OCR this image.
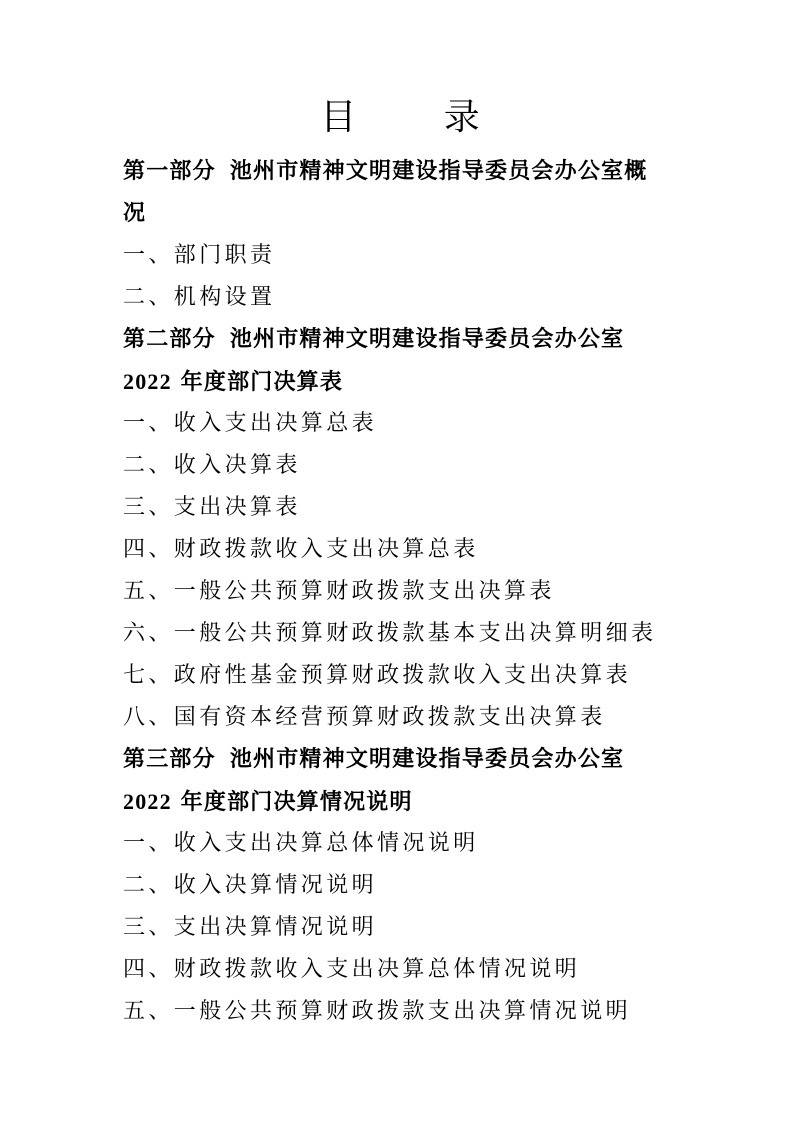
目 录
第一部分 池州市精神文明建设指导委员会办公室概
况
一、部门职责
二、机构设置
第二部分 池州市精神文明建设指导委员会办公室
2022 年度部门决算表
一、收入支出决算总表
二、收入决算表
三、支出决算表
四、财政拨款收入支出决算总表
五、一般公共预算财政拨款支出决算表
六、一般公共预算财政拨款基本支出决算明细表
七、政府性基金预算财政拨款收入支出决算表
八、国有资本经营预算财政拨款支出决算表
第三部分 池州市精神文明建设指导委员会办公室
2022 年度部门决算情况说明
一、收入支出决算总体情况说明
二、收入决算情况说明
三、支出决算情况说明
四、财政拨款收入支出决算总体情况说明
五、一般公共预算财政拨款支出决算情况说明
